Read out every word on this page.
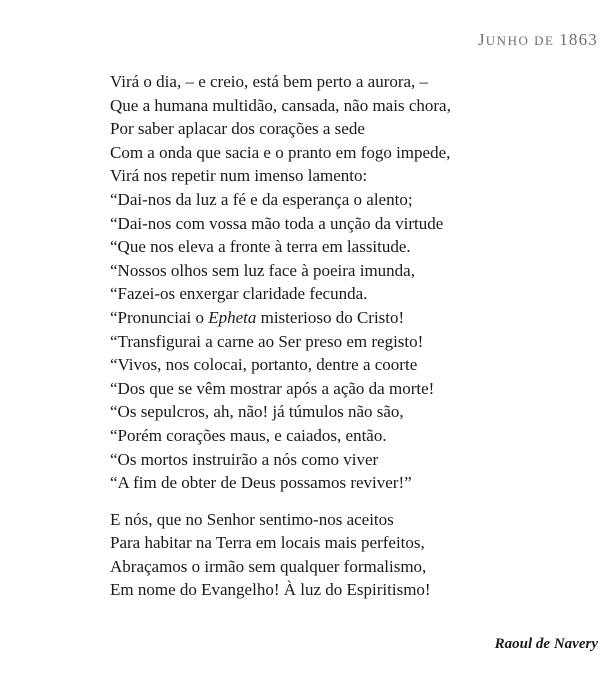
JUNHO DE 1863
Virá o dia, – e creio, está bem perto a aurora, –
Que a humana multidão, cansada, não mais chora,
Por saber aplacar dos corações a sede
Com a onda que sacia e o pranto em fogo impede,
Virá nos repetir num imenso lamento:
“Dai-nos da luz a fé e da esperança o alento;
“Dai-nos com vossa mão toda a unção da virtude
“Que nos eleva a fronte à terra em lassitude.
“Nossos olhos sem luz face à poeira imunda,
“Fazei-os enxergar claridade fecunda.
“Pronunciai o Epheta misterioso do Cristo!
“Transfigurai a carne ao Ser preso em registo!
“Vivos, nos colocai, portanto, dentre a coorte
“Dos que se vêm mostrar após a ação da morte!
“Os sepulcros, ah, não! já túmulos não são,
“Porém corações maus, e caiados, então.
“Os mortos instruirão a nós como viver
“A fim de obter de Deus possamos reviver!”
E nós, que no Senhor sentimo-nos aceitos
Para habitar na Terra em locais mais perfeitos,
Abraçamos o irmão sem qualquer formalismo,
Em nome do Evangelho! À luz do Espiritismo!
Raoul de Navery
